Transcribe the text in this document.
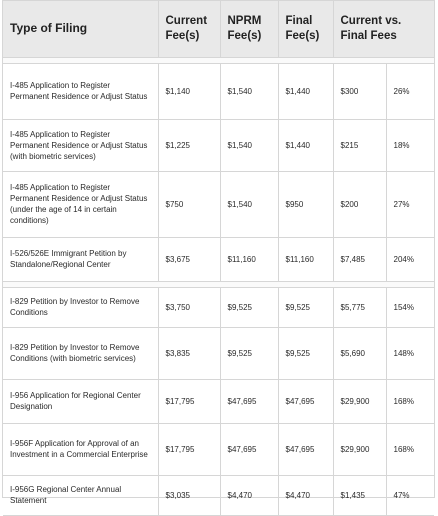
Type of Filing	Current Fee(s)	NPRM Fee(s)	Final Fee(s)	Current vs. Final Fees	

I-485 Application to Register Permanent Residence or Adjust Status	$1,140	$1,540	$1,440	$300	26%
I-485 Application to Register Permanent Residence or Adjust Status (with biometric services)	$1,225	$1,540	$1,440	$215	18%
I-485 Application to Register Permanent Residence or Adjust Status (under the age of 14 in certain conditions)	$750	$1,540	$950	$200	27%
I-526/526E Immigrant Petition by Standalone/Regional Center	$3,675	$11,160	$11,160	$7,485	204%

I-829 Petition by Investor to Remove Conditions	$3,750	$9,525	$9,525	$5,775	154%
I-829 Petition by Investor to Remove Conditions (with biometric services)	$3,835	$9,525	$9,525	$5,690	148%
I-956 Application for Regional Center Designation	$17,795	$47,695	$47,695	$29,900	168%
I-956F Application for Approval of an Investment in a Commercial Enterprise	$17,795	$47,695	$47,695	$29,900	168%
I-956G Regional Center Annual Statement	$3,035	$4,470	$4,470	$1,435	47%
